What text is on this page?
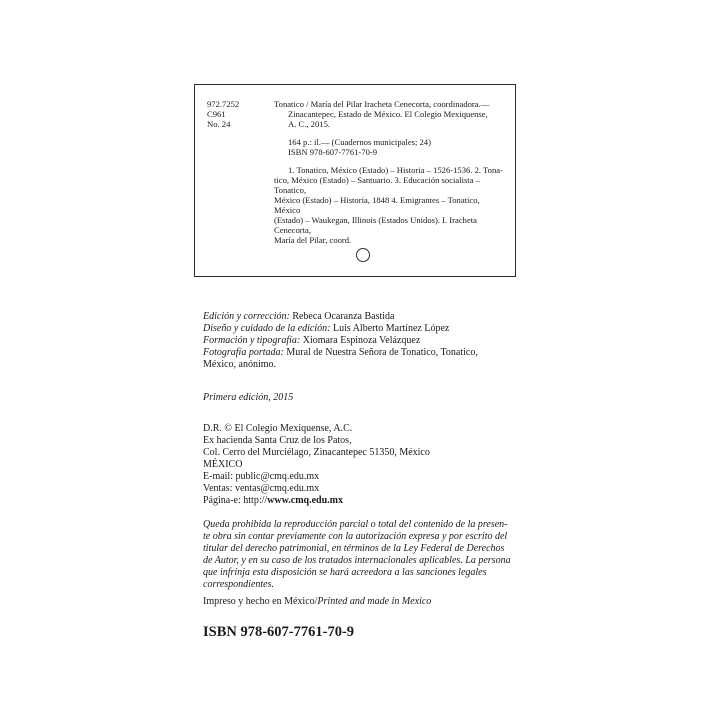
972.7252
C961
No. 24
Tonatico / María del Pilar Iracheta Cenecorta, coordinadora.—
Zinacantepec, Estado de México. El Colegio Mexiquense,
A. C., 2015.
164 p.: il.— (Cuadernos municipales; 24)
ISBN 978-607-7761-70-9
1. Tonatico, México (Estado) – Historia – 1526-1536. 2. Tona-
tico, México (Estado) – Santuario. 3. Educación socialista – Tonatico,
México (Estado) – Historia, 1848 4. Emigrantes – Tonatico, México
(Estado) – Waukegan, Illinois (Estados Unidos). I. Iracheta Cenecorta,
María del Pilar, coord.
Edición y corrección: Rebeca Ocaranza Bastida
Diseño y cuidado de la edición: Luis Alberto Martínez López
Formación y tipografía: Xiomara Espinoza Velázquez
Fotografía portada: Mural de Nuestra Señora de Tonatico, Tonatico,
México, anónimo.
Primera edición, 2015
D.R. © El Colegio Mexiquense, A.C.
Ex hacienda Santa Cruz de los Patos,
Col. Cerro del Murciélago, Zinacantepec 51350, México
MÉXICO
E-mail: public@cmq.edu.mx
Ventas: ventas@cmq.edu.mx
Página-e: http://www.cmq.edu.mx
Queda prohibida la reproducción parcial o total del contenido de la presen-
te obra sin contar previamente con la autorización expresa y por escrito del
titular del derecho patrimonial, en términos de la Ley Federal de Derechos
de Autor, y en su caso de los tratados internacionales aplicables. La persona
que infrinja esta disposición se hará acreedora a las sanciones legales
correspondientes.
Impreso y hecho en México/Printed and made in Mexico
ISBN 978-607-7761-70-9
